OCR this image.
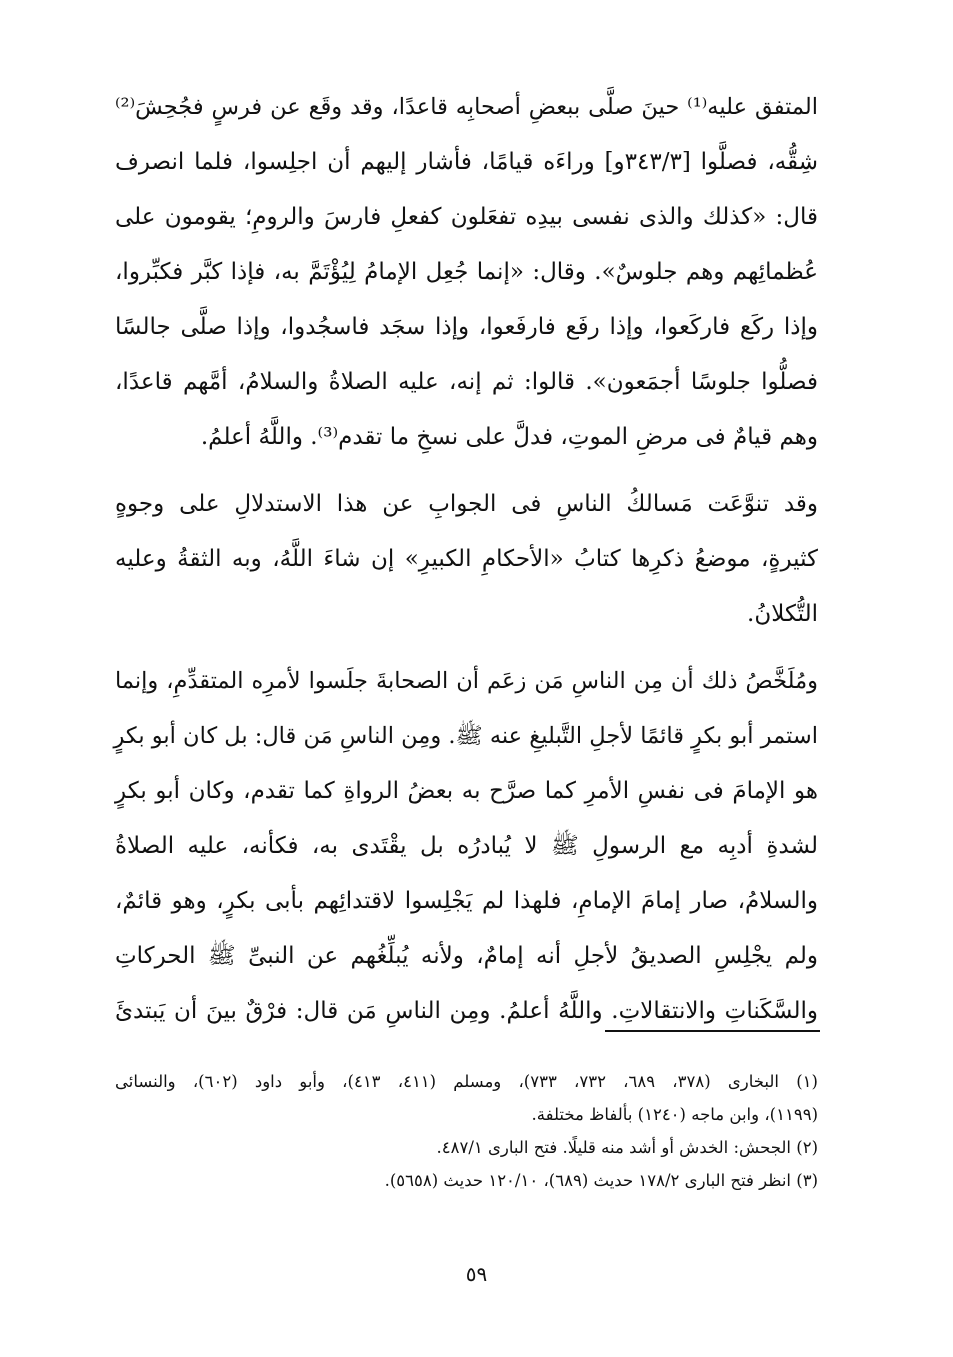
المتفق عليه⁽¹⁾ حينَ صلَّى ببعضِ أصحابِه قاعدًا، وقد وقَع عن فرسٍ فجُحِشَ⁽²⁾
شِقُّه، فصلَّوا [٣٤٣/٣و] وراءَه قيامًا، فأشار إليهم أن اجلِسوا، فلما انصرف
قال: «كذلك والذى نفسى بيدِه تفعَلون كفعلِ فارسَ والرومِ؛ يقومون على
عُظمائِهم وهم جلوسٌ». وقال: «إنما جُعِل الإمامُ لِيُؤْتَمَّ به، فإذا كبَّر فكبِّروا،
وإذا ركَع فاركَعوا، وإذا رفَع فارفَعوا، وإذا سجَد فاسجُدوا، وإذا صلَّى جالسًا
فصلُّوا جلوسًا أجمَعون». قالوا: ثم إنه، عليه الصلاةُ والسلامُ، أمَّهم قاعدًا،
وهم قيامٌ فى مرضِ الموتِ، فدلَّ على نسخِ ما تقدم⁽³⁾. واللَّهُ أعلمُ.
وقد تنوَّعَت مَسالكُ الناسِ فى الجوابِ عن هذا الاستدلالِ على وجوهٍ
كثيرةٍ، موضعُ ذكرِها كتابُ «الأحكامِ الكبيرِ» إن شاءَ اللَّهُ، وبه الثقةُ وعليه
التُّكلانُ.
ومُلَخَّصُ ذلك أن مِن الناسِ مَن زعَم أن الصحابةَ جلَسوا لأمرِه المتقدِّمِ، وإنما
استمر أبو بكرٍ قائمًا لأجلِ التَّبليغِ عنه ﷺ. ومِن الناسِ مَن قال: بل كان أبو بكرٍ
هو الإمامَ فى نفسِ الأمرِ كما صرَّح به بعضُ الرواةِ كما تقدم، وكان أبو بكرٍ
لشدةِ أدبِه مع الرسولِ ﷺ لا يُبادرُه بل يقْتَدى به، فكأنه، عليه الصلاةُ
والسلامُ، صار إمامَ الإمامِ، فلهذا لم يَجْلِسوا لاقتدائِهم بأبى بكرٍ، وهو قائمٌ،
ولم يجْلِسِ الصديقُ لأجلِ أنه إمامٌ، ولأنه يُبلِّغُهم عن النبىِّ ﷺ الحركاتِ
والسَّكَناتِ والانتقالاتِ. واللَّهُ أعلمُ. ومِن الناسِ مَن قال: فرْقٌ بينَ أن يَبتدئَ
(١) البخارى (٣٧٨، ٦٨٩، ٧٣٢، ٧٣٣)، ومسلم (٤١١، ٤١٣)، وأبو داود (٦٠٢)، والنسائى
(١١٩٩)، وابن ماجه (١٢٤٠) بألفاظ مختلفة.
(٢) الجحش: الخدش أو أشد منه قليلًا. فتح البارى ٤٨٧/١.
(٣) انظر فتح البارى ١٧٨/٢ حديث (٦٨٩)، ١٢٠/١٠ حديث (٥٦٥٨).
٥٩
